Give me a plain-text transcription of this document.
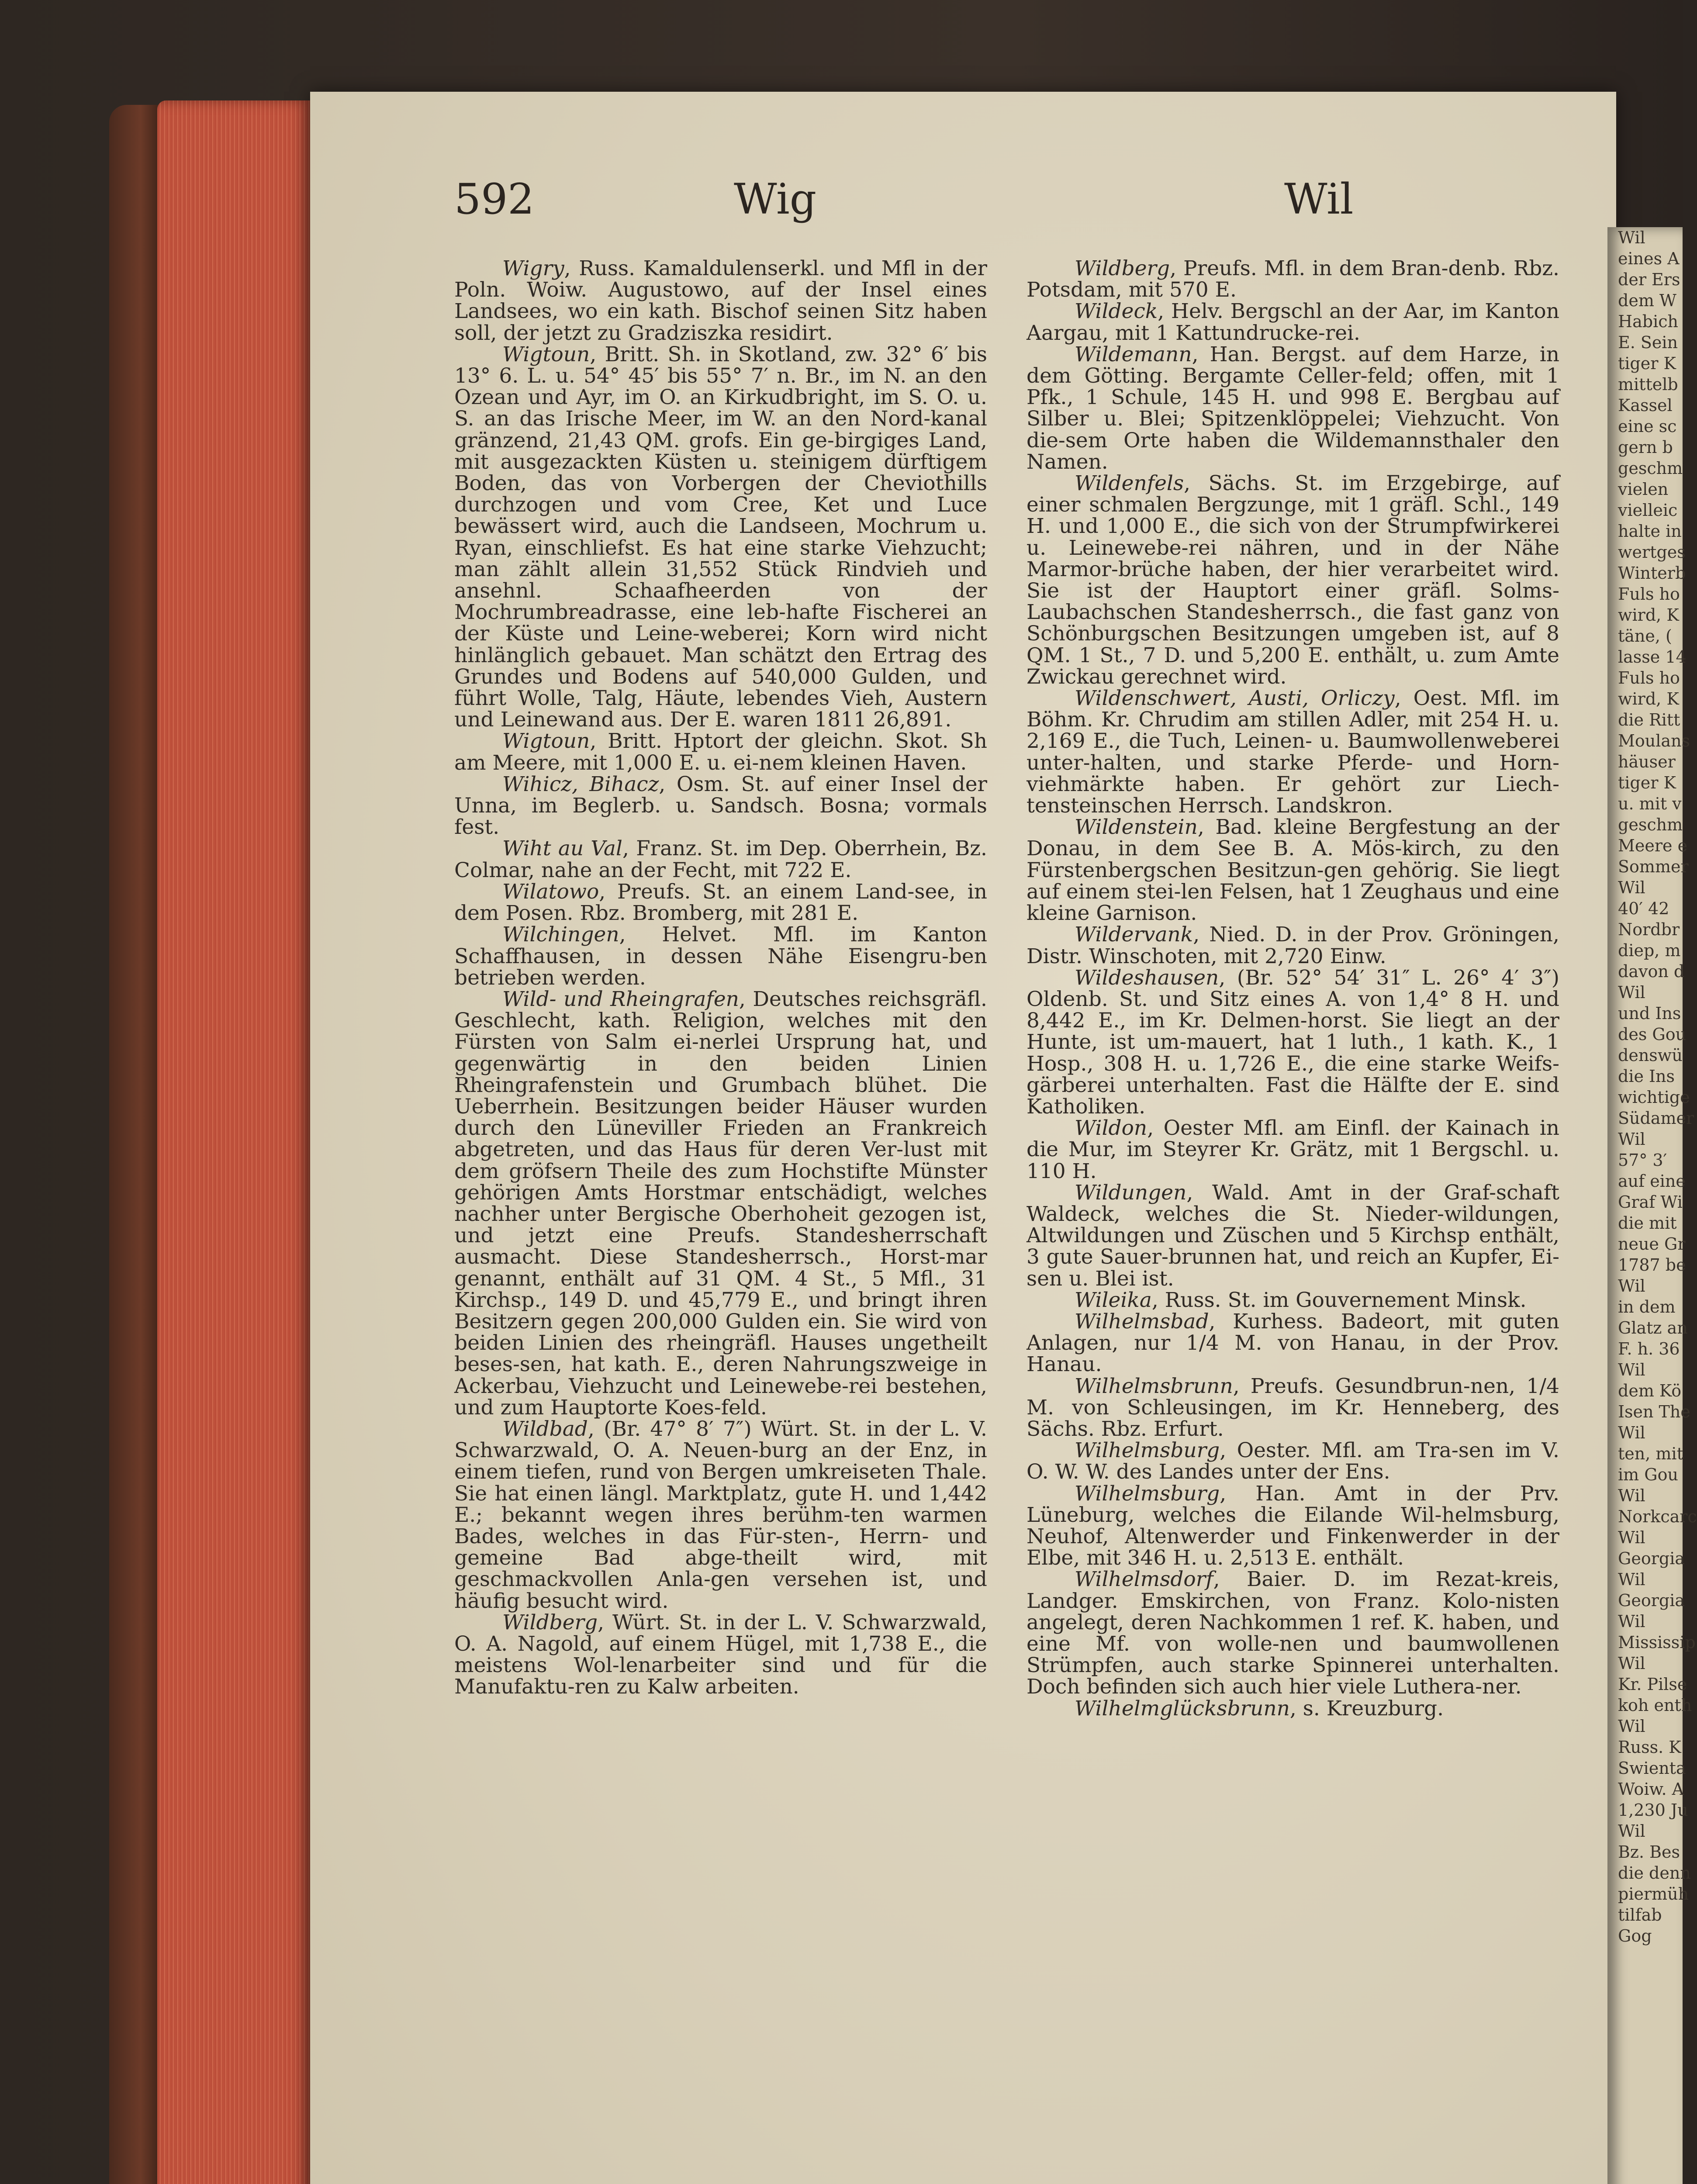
Wil
eines A
der Ers
dem W
Habich
E. Sein
tiger K
mittelb
Kassel
eine sc
gern b
geschm
vielen
vielleic
halte in
wertges
Winterb
Fuls ho
wird, K
täne, (
lasse 14
Fuls ho
wird, K
die Ritt
Moulans
häuser
tiger K
u. mit v
geschm
Meere e
Sommer
Wil
40′ 42
Nordbr
diep, m
davon d
Wil
und Ins
des Gou
denswü
die Ins
wichtige
Südamer
Wil
57° 3′
auf eine
Graf Wi
die mit
neue Gr
1787 be
Wil
in dem
Glatz an
F. h. 36
Wil
dem Kö
Isen The
Wil
ten, mit
im Gou
Wil
Norkcarc
Wil
Georgia
Wil
Georgia
Wil
Mississip
Wil
Kr. Pilse
koh enth
Wil
Russ. K
Swienta
Woiw. A
1,230 Ju
Wil
Bz. Bes
die denn
piermüh
tilfab
Gog
592	Wig	Wil

Wigry, Russ. Kamaldulenserkl. und Mfl in der Poln. Woiw. Augustowo, auf der Insel eines Landsees, wo ein kath. Bischof seinen Sitz haben soll, der jetzt zu Gradziszka residirt.

Wigtoun, Britt. Sh. in Skotland, zw. 32° 6′ bis 13° 6. L. u. 54° 45′ bis 55° 7′ n. Br., im N. an den Ozean und Ayr, im O. an Kirkudbright, im S. O. u. S. an das Irische Meer, im W. an den Nord-kanal gränzend, 21,43 QM. grofs. Ein ge-birgiges Land, mit ausgezackten Küsten u. steinigem dürftigem Boden, das von Vorbergen der Cheviothills durchzogen und vom Cree, Ket und Luce bewässert wird, auch die Landseen, Mochrum u. Ryan, einschliefst. Es hat eine starke Viehzucht; man zählt allein 31,552 Stück Rindvieh und ansehnl. Schaafheerden von der Mochrumbreadrasse, eine leb-hafte Fischerei an der Küste und Leine-weberei; Korn wird nicht hinlänglich gebauet. Man schätzt den Ertrag des Grundes und Bodens auf 540,000 Gulden, und führt Wolle, Talg, Häute, lebendes Vieh, Austern und Leinewand aus. Der E. waren 1811 26,891.

Wigtoun, Britt. Hptort der gleichn. Skot. Sh am Meere, mit 1,000 E. u. ei-nem kleinen Haven.

Wihicz, Bihacz, Osm. St. auf einer Insel der Unna, im Beglerb. u. Sandsch. Bosna; vormals fest.

Wiht au Val, Franz. St. im Dep. Oberrhein, Bz. Colmar, nahe an der Fecht, mit 722 E.

Wilatowo, Preufs. St. an einem Land-see, in dem Posen. Rbz. Bromberg, mit 281 E.

Wilchingen, Helvet. Mfl. im Kanton Schaffhausen, in dessen Nähe Eisengru-ben betrieben werden.

Wild- und Rheingrafen, Deutsches reichsgräfl. Geschlecht, kath. Religion, welches mit den Fürsten von Salm ei-nerlei Ursprung hat, und gegenwärtig in den beiden Linien Rheingrafenstein und Grumbach blühet. Die Ueberrhein. Besitzungen beider Häuser wurden durch den Lüneviller Frieden an Frankreich abgetreten, und das Haus für deren Ver-lust mit dem gröfsern Theile des zum Hochstifte Münster gehörigen Amts Horstmar entschädigt, welches nachher unter Bergische Oberhoheit gezogen ist, und jetzt eine Preufs. Standesherrschaft ausmacht. Diese Standesherrsch., Horst-mar genannt, enthält auf 31 QM. 4 St., 5 Mfl., 31 Kirchsp., 149 D. und 45,779 E., und bringt ihren Besitzern gegen 200,000 Gulden ein. Sie wird von beiden Linien des rheingräfl. Hauses ungetheilt beses-sen, hat kath. E., deren Nahrungszweige in Ackerbau, Viehzucht und Leinewebe-rei bestehen, und zum Hauptorte Koes-feld.

Wildbad, (Br. 47° 8′ 7″) Würt. St. in der L. V. Schwarzwald, O. A. Neuen-burg an der Enz, in einem tiefen, rund von Bergen umkreiseten Thale. Sie hat einen längl. Marktplatz, gute H. und 1,442 E.; bekannt wegen ihres berühm-ten warmen Bades, welches in das Für-sten-, Herrn- und gemeine Bad abge-theilt wird, mit geschmackvollen Anla-gen versehen ist, und häufig besucht wird.

Wildberg, Würt. St. in der L. V. Schwarzwald, O. A. Nagold, auf einem Hügel, mit 1,738 E., die meistens Wol-lenarbeiter sind und für die Manufaktu-ren zu Kalw arbeiten.

Wildberg, Preufs. Mfl. in dem Bran-denb. Rbz. Potsdam, mit 570 E.

Wildeck, Helv. Bergschl an der Aar, im Kanton Aargau, mit 1 Kattundrucke-rei.

Wildemann, Han. Bergst. auf dem Harze, in dem Götting. Bergamte Celler-feld; offen, mit 1 Pfk., 1 Schule, 145 H. und 998 E. Bergbau auf Silber u. Blei; Spitzenklöppelei; Viehzucht. Von die-sem Orte haben die Wildemannsthaler den Namen.

Wildenfels, Sächs. St. im Erzgebirge, auf einer schmalen Bergzunge, mit 1 gräfl. Schl., 149 H. und 1,000 E., die sich von der Strumpfwirkerei u. Leinewebe-rei nähren, und in der Nähe Marmor-brüche haben, der hier verarbeitet wird. Sie ist der Hauptort einer gräfl. Solms-Laubachschen Standesherrsch., die fast ganz von Schönburgschen Besitzungen umgeben ist, auf 8 QM. 1 St., 7 D. und 5,200 E. enthält, u. zum Amte Zwickau gerechnet wird.

Wildenschwert, Austi, Orliczy, Oest. Mfl. im Böhm. Kr. Chrudim am stillen Adler, mit 254 H. u. 2,169 E., die Tuch, Leinen- u. Baumwollenweberei unter-halten, und starke Pferde- und Horn-viehmärkte haben. Er gehört zur Liech-tensteinschen Herrsch. Landskron.

Wildenstein, Bad. kleine Bergfestung an der Donau, in dem See B. A. Mös-kirch, zu den Fürstenbergschen Besitzun-gen gehörig. Sie liegt auf einem stei-len Felsen, hat 1 Zeughaus und eine kleine Garnison.

Wildervank, Nied. D. in der Prov. Gröningen, Distr. Winschoten, mit 2,720 Einw.

Wildeshausen, (Br. 52° 54′ 31″ L. 26° 4′ 3″) Oldenb. St. und Sitz eines A. von 1,4° 8 H. und 8,442 E., im Kr. Delmen-horst. Sie liegt an der Hunte, ist um-mauert, hat 1 luth., 1 kath. K., 1 Hosp., 308 H. u. 1,726 E., die eine starke Weifs-gärberei unterhalten. Fast die Hälfte der E. sind Katholiken.

Wildon, Oester Mfl. am Einfl. der Kainach in die Mur, im Steyrer Kr. Grätz, mit 1 Bergschl. u. 110 H.

Wildungen, Wald. Amt in der Graf-schaft Waldeck, welches die St. Nieder-wildungen, Altwildungen und Züschen und 5 Kirchsp enthält, 3 gute Sauer-brunnen hat, und reich an Kupfer, Ei-sen u. Blei ist.

Wileika, Russ. St. im Gouvernement Minsk.

Wilhelmsbad, Kurhess. Badeort, mit guten Anlagen, nur 1/4 M. von Hanau, in der Prov. Hanau.

Wilhelmsbrunn, Preufs. Gesundbrun-nen, 1/4 M. von Schleusingen, im Kr. Henneberg, des Sächs. Rbz. Erfurt.

Wilhelmsburg, Oester. Mfl. am Tra-sen im V. O. W. W. des Landes unter der Ens.

Wilhelmsburg, Han. Amt in der Prv. Lüneburg, welches die Eilande Wil-helmsburg, Neuhof, Altenwerder und Finkenwerder in der Elbe, mit 346 H. u. 2,513 E. enthält.

Wilhelmsdorf, Baier. D. im Rezat-kreis, Landger. Emskirchen, von Franz. Kolo-nisten angelegt, deren Nachkommen 1 ref. K. haben, und eine Mf. von wolle-nen und baumwollenen Strümpfen, auch starke Spinnerei unterhalten. Doch befinden sich auch hier viele Luthera-ner.

Wilhelmglücksbrunn, s. Kreuzburg.
